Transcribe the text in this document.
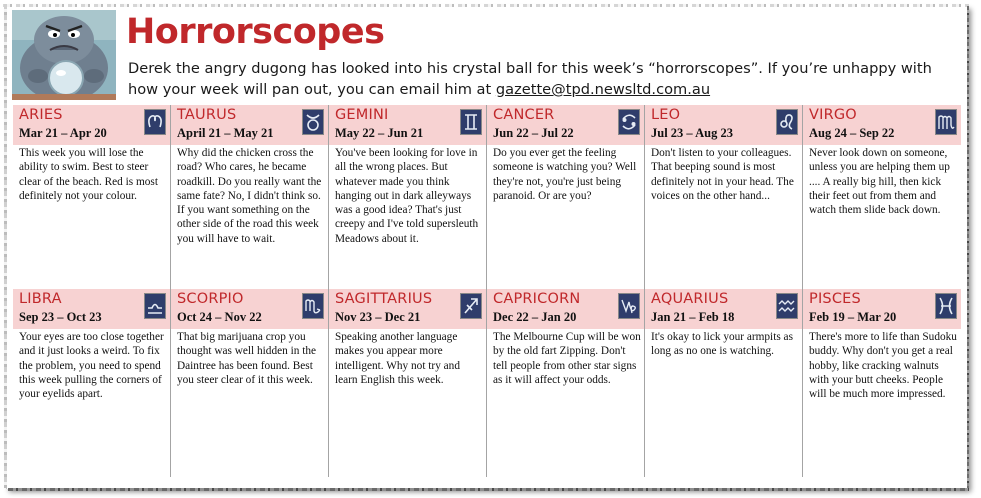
Horrorscopes

Derek the angry dugong has looked into his crystal ball for this week’s “horrorscopes”. If you’re unhappy with how your week will pan out, you can email him at gazette@tpd.newsltd.com.au

ARIES
Mar 21 – Apr 20

This week you will lose the ability to swim. Best to steer clear of the beach. Red is most definitely not your colour.

TAURUS
April 21 – May 21

Why did the chicken cross the road? Who cares, he became roadkill. Do you really want the same fate? No, I didn't think so. If you want something on the other side of the road this week you will have to wait.

GEMINI
May 22 – Jun 21

You've been looking for love in all the wrong places. But whatever made you think hanging out in dark alleyways was a good idea? That's just creepy and I've told supersleuth Meadows about it.

CANCER
Jun 22 – Jul 22

Do you ever get the feeling someone is watching you? Well they're not, you're just being paranoid. Or are you?

LEO
Jul 23 – Aug 23

Don't listen to your colleagues. That beeping sound is most definitely not in your head. The voices on the other hand...

VIRGO
Aug 24 – Sep 22

Never look down on someone, unless you are helping them up .... A really big hill, then kick their feet out from them and watch them slide back down.

LIBRA
Sep 23 – Oct 23

Your eyes are too close together and it just looks a weird. To fix the problem, you need to spend this week pulling the corners of your eyelids apart.

SCORPIO
Oct 24 – Nov 22

That big marijuana crop you thought was well hidden in the Daintree has been found. Best you steer clear of it this week.

SAGITTARIUS
Nov 23 – Dec 21

Speaking another language makes you appear more intelligent. Why not try and learn English this week.

CAPRICORN
Dec 22 – Jan 20

The Melbourne Cup will be won by the old fart Zipping. Don't tell people from other star signs as it will affect your odds.

AQUARIUS
Jan 21 – Feb 18

It's okay to lick your armpits as long as no one is watching.

PISCES
Feb 19 – Mar 20

There's more to life than Sudoku buddy. Why don't you get a real hobby, like cracking walnuts with your butt cheeks. People will be much more impressed.
